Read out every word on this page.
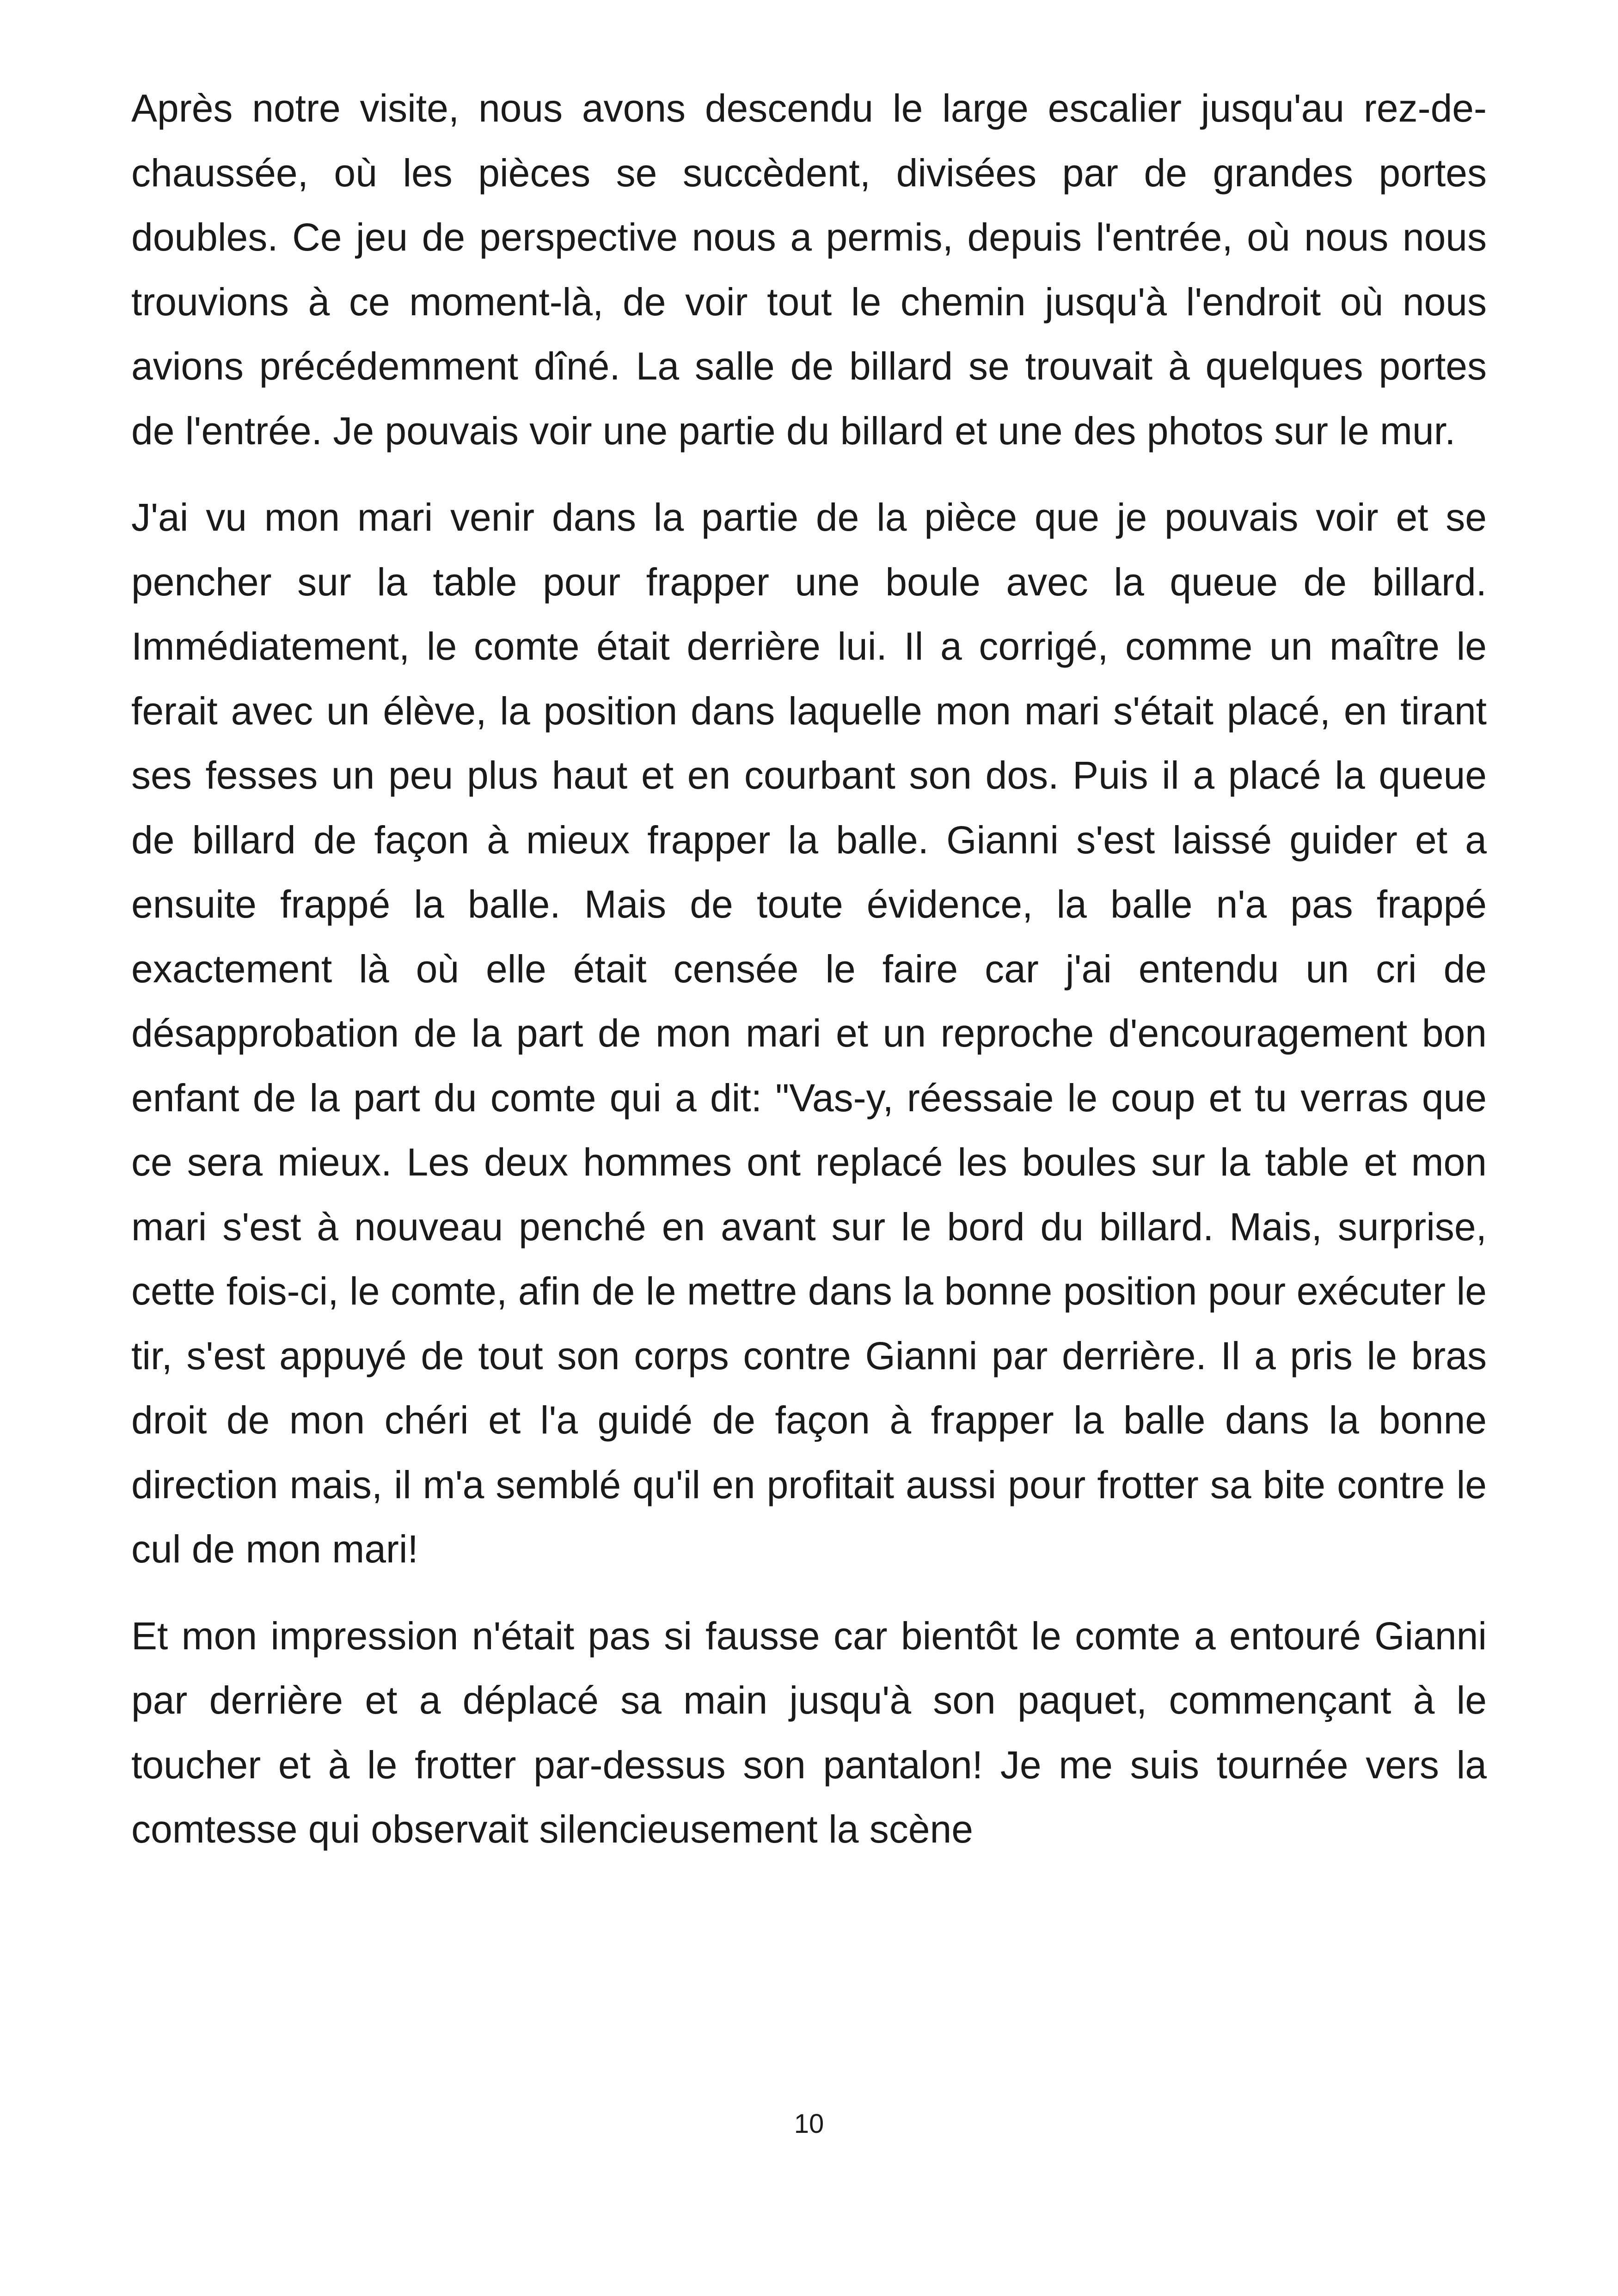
Après notre visite, nous avons descendu le large escalier jusqu'au rez-de-chaussée, où les pièces se succèdent, divisées par de grandes portes doubles. Ce jeu de perspective nous a permis, depuis l'entrée, où nous nous trouvions à ce moment-là, de voir tout le chemin jusqu'à l'endroit où nous avions précédemment dîné. La salle de billard se trouvait à quelques portes de l'entrée. Je pouvais voir une partie du billard et une des photos sur le mur.

J'ai vu mon mari venir dans la partie de la pièce que je pouvais voir et se pencher sur la table pour frapper une boule avec la queue de billard. Immédiatement, le comte était derrière lui. Il a corrigé, comme un maître le ferait avec un élève, la position dans laquelle mon mari s'était placé, en tirant ses fesses un peu plus haut et en courbant son dos. Puis il a placé la queue de billard de façon à mieux frapper la balle. Gianni s'est laissé guider et a ensuite frappé la balle. Mais de toute évidence, la balle n'a pas frappé exactement là où elle était censée le faire car j'ai entendu un cri de désapprobation de la part de mon mari et un reproche d'encouragement bon enfant de la part du comte qui a dit: "Vas-y, réessaie le coup et tu verras que ce sera mieux. Les deux hommes ont replacé les boules sur la table et mon mari s'est à nouveau penché en avant sur le bord du billard. Mais, surprise, cette fois-ci, le comte, afin de le mettre dans la bonne position pour exécuter le tir, s'est appuyé de tout son corps contre Gianni par derrière. Il a pris le bras droit de mon chéri et l'a guidé de façon à frapper la balle dans la bonne direction mais, il m'a semblé qu'il en profitait aussi pour frotter sa bite contre le cul de mon mari!

Et mon impression n'était pas si fausse car bientôt le comte a entouré Gianni par derrière et a déplacé sa main jusqu'à son paquet, commençant à le toucher et à le frotter par-dessus son pantalon! Je me suis tournée vers la comtesse qui observait silencieusement la scène

10
